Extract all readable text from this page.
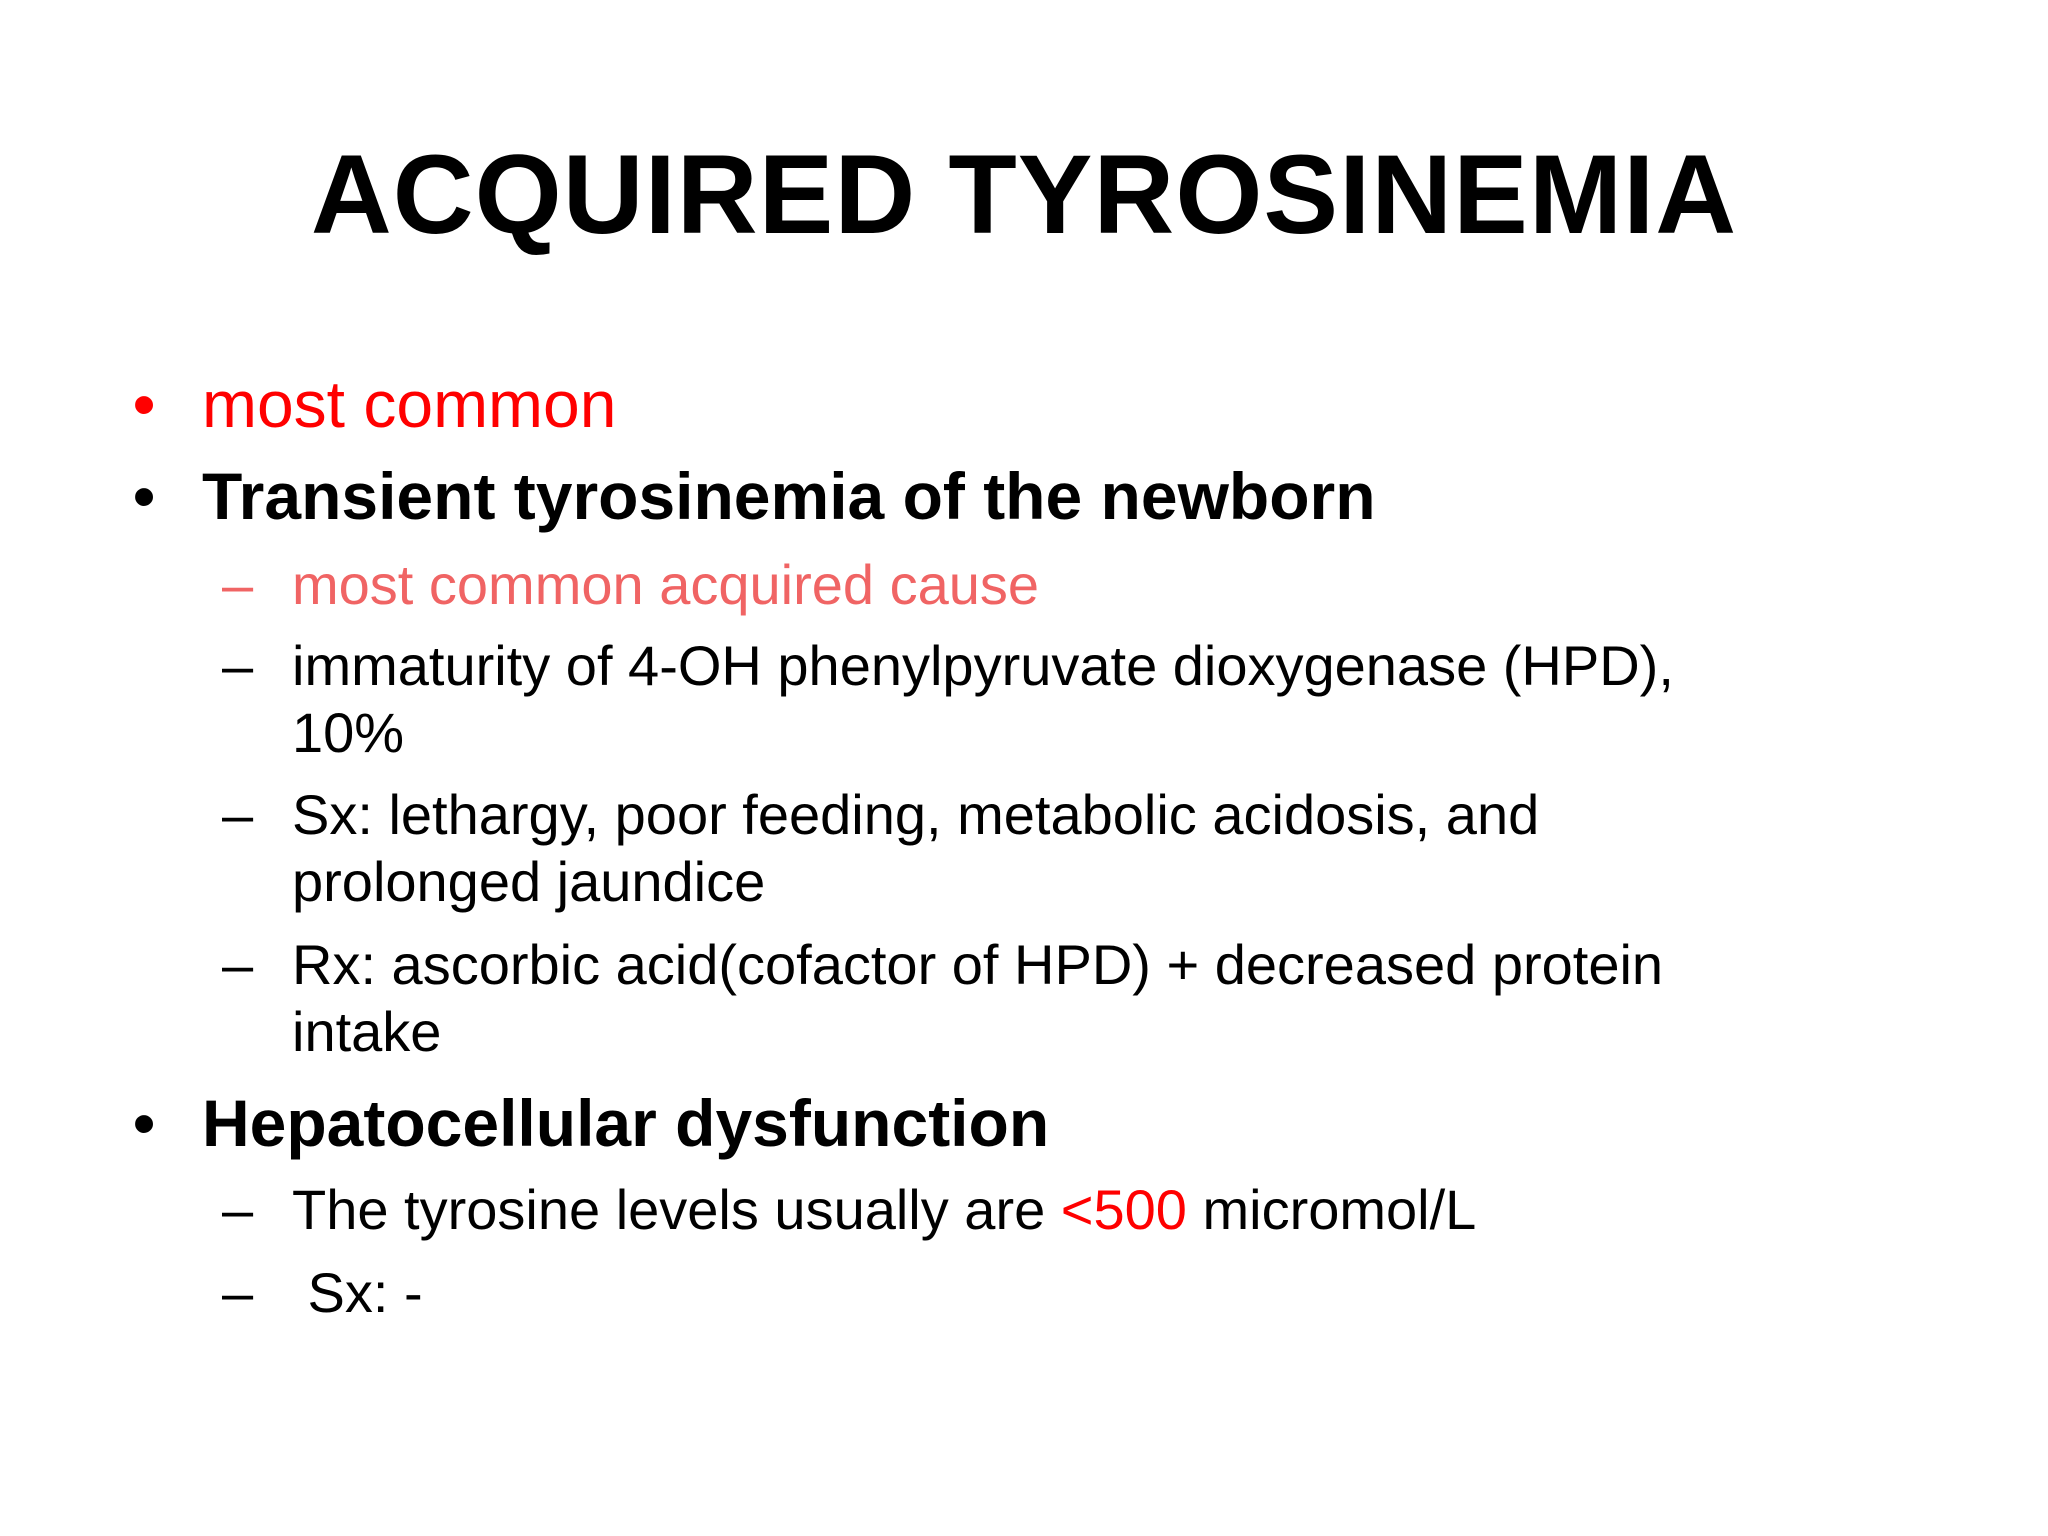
ACQUIRED TYROSINEMIA
• most common
• Transient tyrosinemia of the newborn
– most common acquired cause
– immaturity of 4-OH phenylpyruvate dioxygenase (HPD),
10%
– Sx: lethargy, poor feeding, metabolic acidosis, and
prolonged jaundice
– Rx: ascorbic acid(cofactor of HPD) + decreased protein
intake
• Hepatocellular dysfunction
– The tyrosine levels usually are <500 micromol/L
– Sx: -
